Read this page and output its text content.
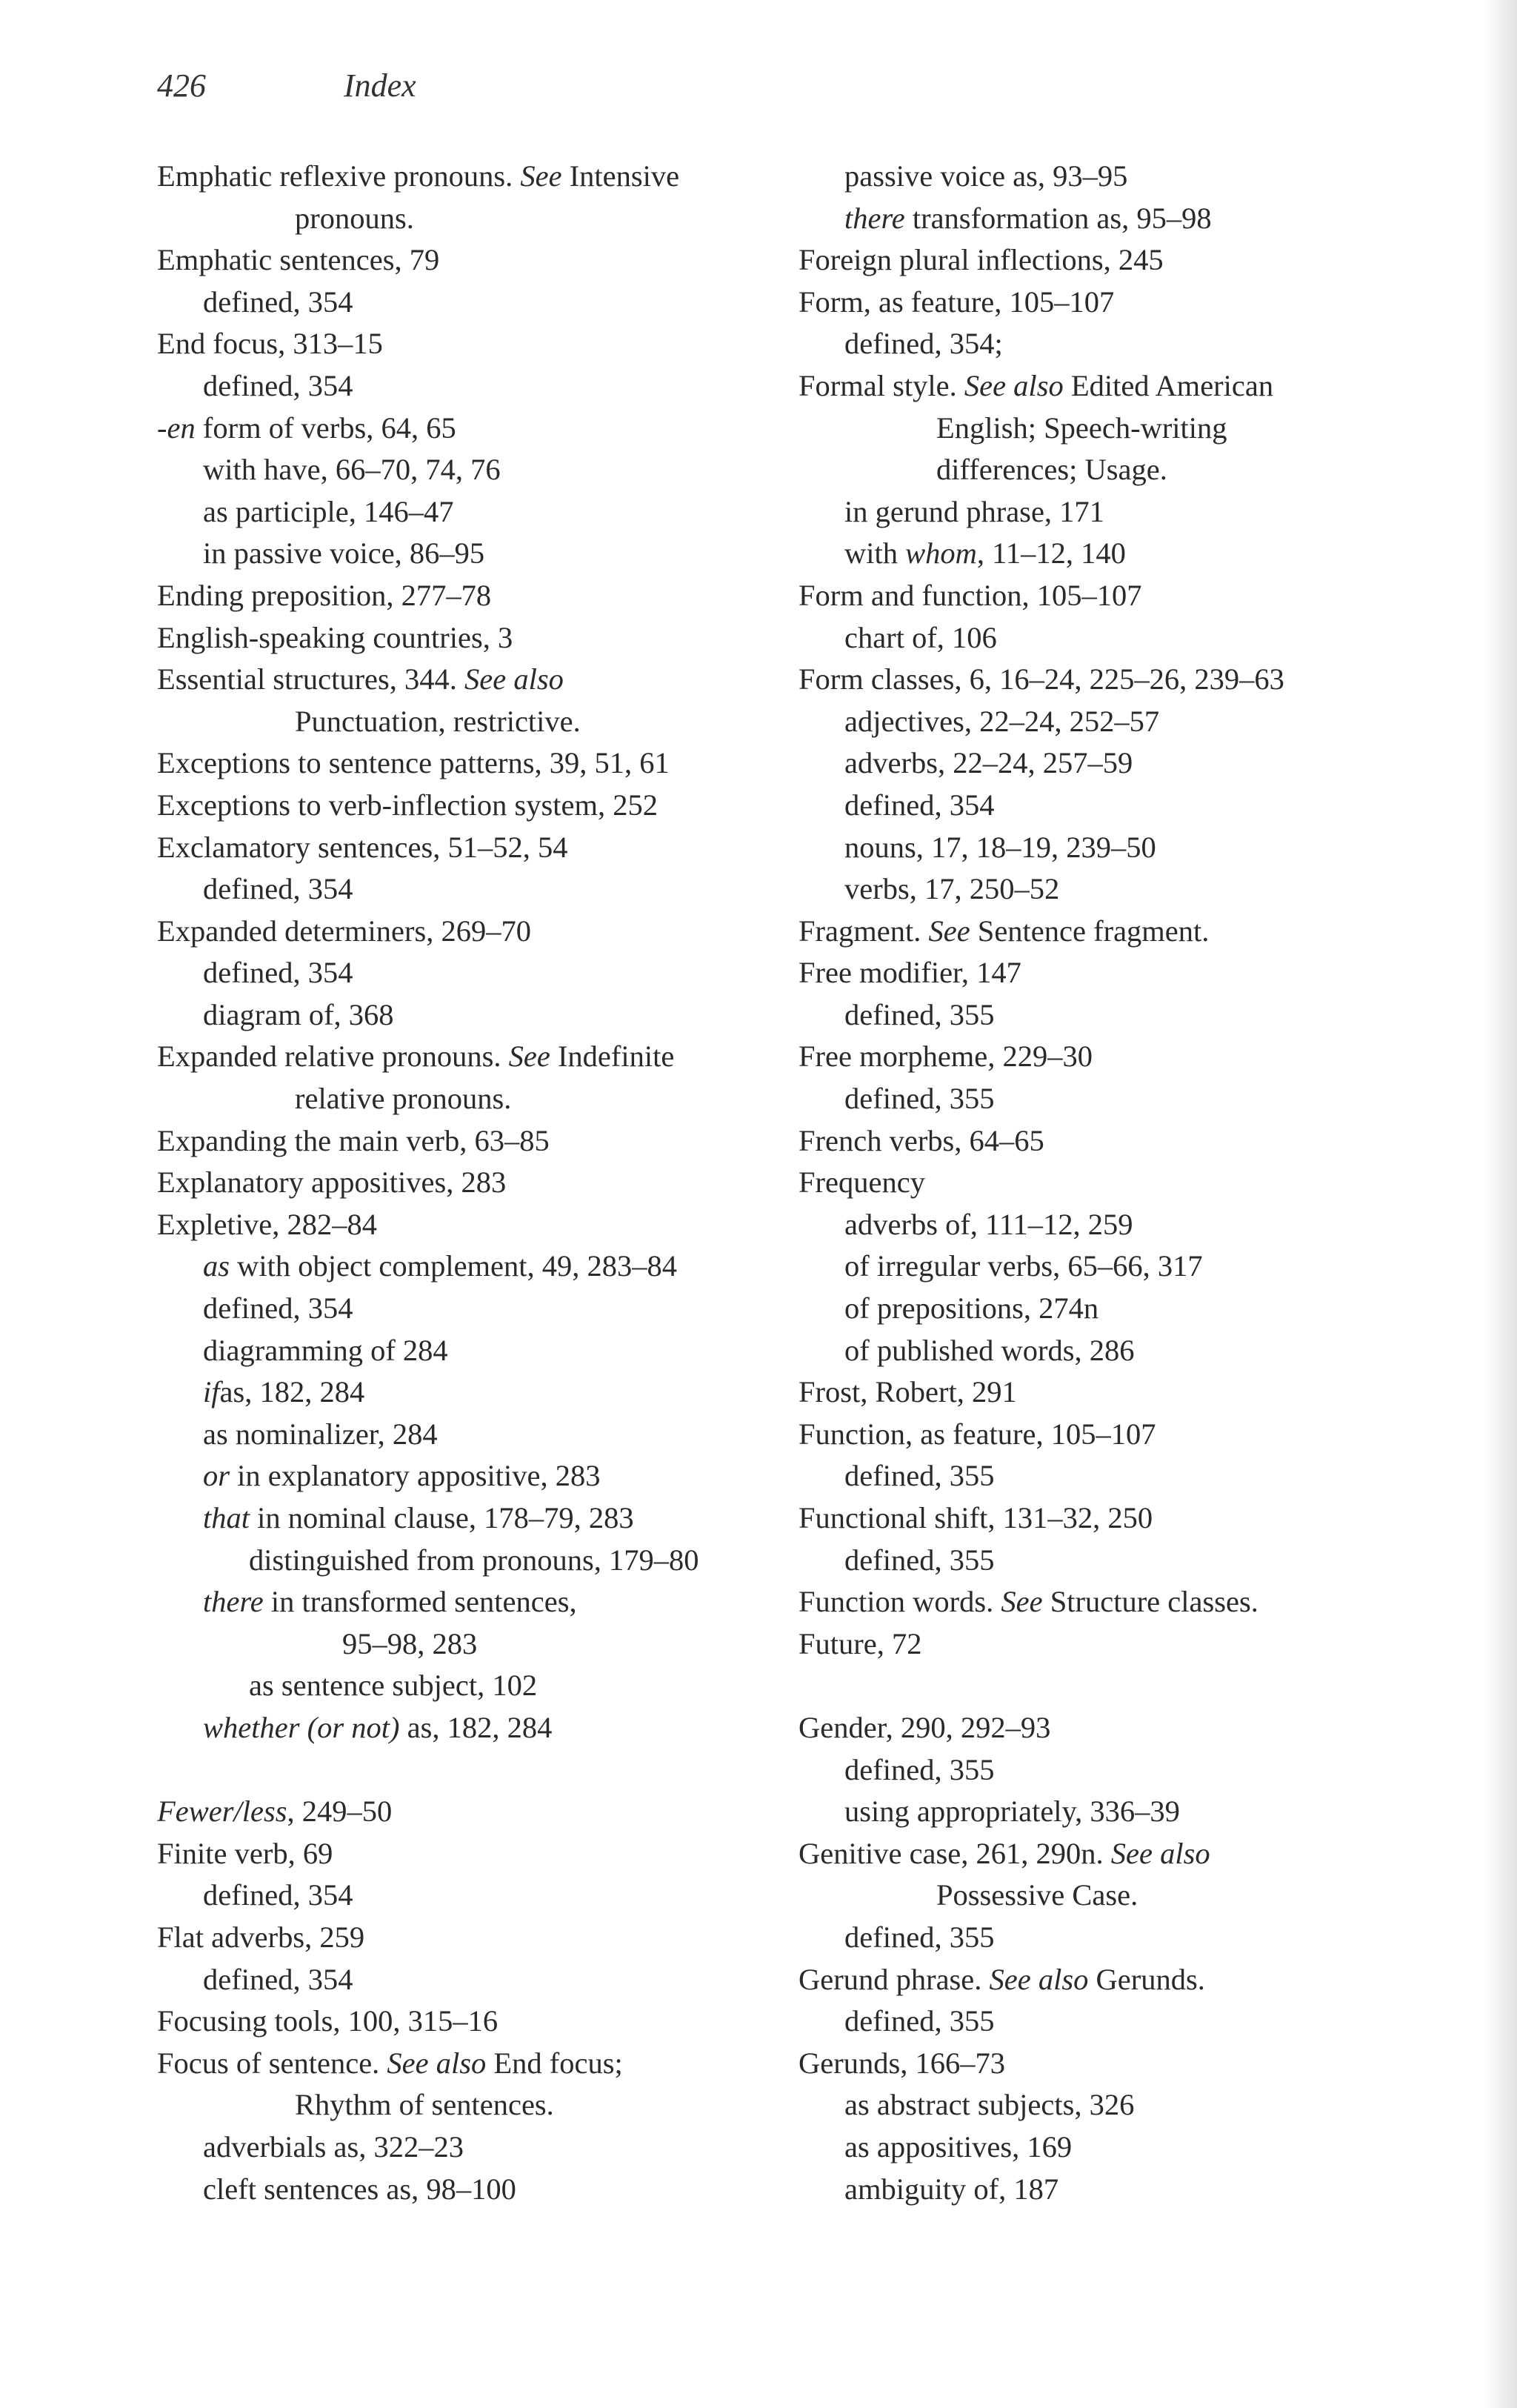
426	Index
Emphatic reflexive pronouns. See Intensive
pronouns.
Emphatic sentences, 79
defined, 354
End focus, 313–15
defined, 354
-en form of verbs, 64, 65
with have, 66–70, 74, 76
as participle, 146–47
in passive voice, 86–95
Ending preposition, 277–78
English-speaking countries, 3
Essential structures, 344. See also
Punctuation, restrictive.
Exceptions to sentence patterns, 39, 51, 61
Exceptions to verb-inflection system, 252
Exclamatory sentences, 51–52, 54
defined, 354
Expanded determiners, 269–70
defined, 354
diagram of, 368
Expanded relative pronouns. See Indefinite
relative pronouns.
Expanding the main verb, 63–85
Explanatory appositives, 283
Expletive, 282–84
as with object complement, 49, 283–84
defined, 354
diagramming of 284
ifas, 182, 284
as nominalizer, 284
or in explanatory appositive, 283
that in nominal clause, 178–79, 283
distinguished from pronouns, 179–80
there in transformed sentences,
95–98, 283
as sentence subject, 102
whether (or not) as, 182, 284
Fewer/less, 249–50
Finite verb, 69
defined, 354
Flat adverbs, 259
defined, 354
Focusing tools, 100, 315–16
Focus of sentence. See also End focus;
Rhythm of sentences.
adverbials as, 322–23
cleft sentences as, 98–100
passive voice as, 93–95
there transformation as, 95–98
Foreign plural inflections, 245
Form, as feature, 105–107
defined, 354;
Formal style. See also Edited American
English; Speech-writing
differences; Usage.
in gerund phrase, 171
with whom, 11–12, 140
Form and function, 105–107
chart of, 106
Form classes, 6, 16–24, 225–26, 239–63
adjectives, 22–24, 252–57
adverbs, 22–24, 257–59
defined, 354
nouns, 17, 18–19, 239–50
verbs, 17, 250–52
Fragment. See Sentence fragment.
Free modifier, 147
defined, 355
Free morpheme, 229–30
defined, 355
French verbs, 64–65
Frequency
adverbs of, 111–12, 259
of irregular verbs, 65–66, 317
of prepositions, 274n
of published words, 286
Frost, Robert, 291
Function, as feature, 105–107
defined, 355
Functional shift, 131–32, 250
defined, 355
Function words. See Structure classes.
Future, 72
Gender, 290, 292–93
defined, 355
using appropriately, 336–39
Genitive case, 261, 290n. See also
Possessive Case.
defined, 355
Gerund phrase. See also Gerunds.
defined, 355
Gerunds, 166–73
as abstract subjects, 326
as appositives, 169
ambiguity of, 187
